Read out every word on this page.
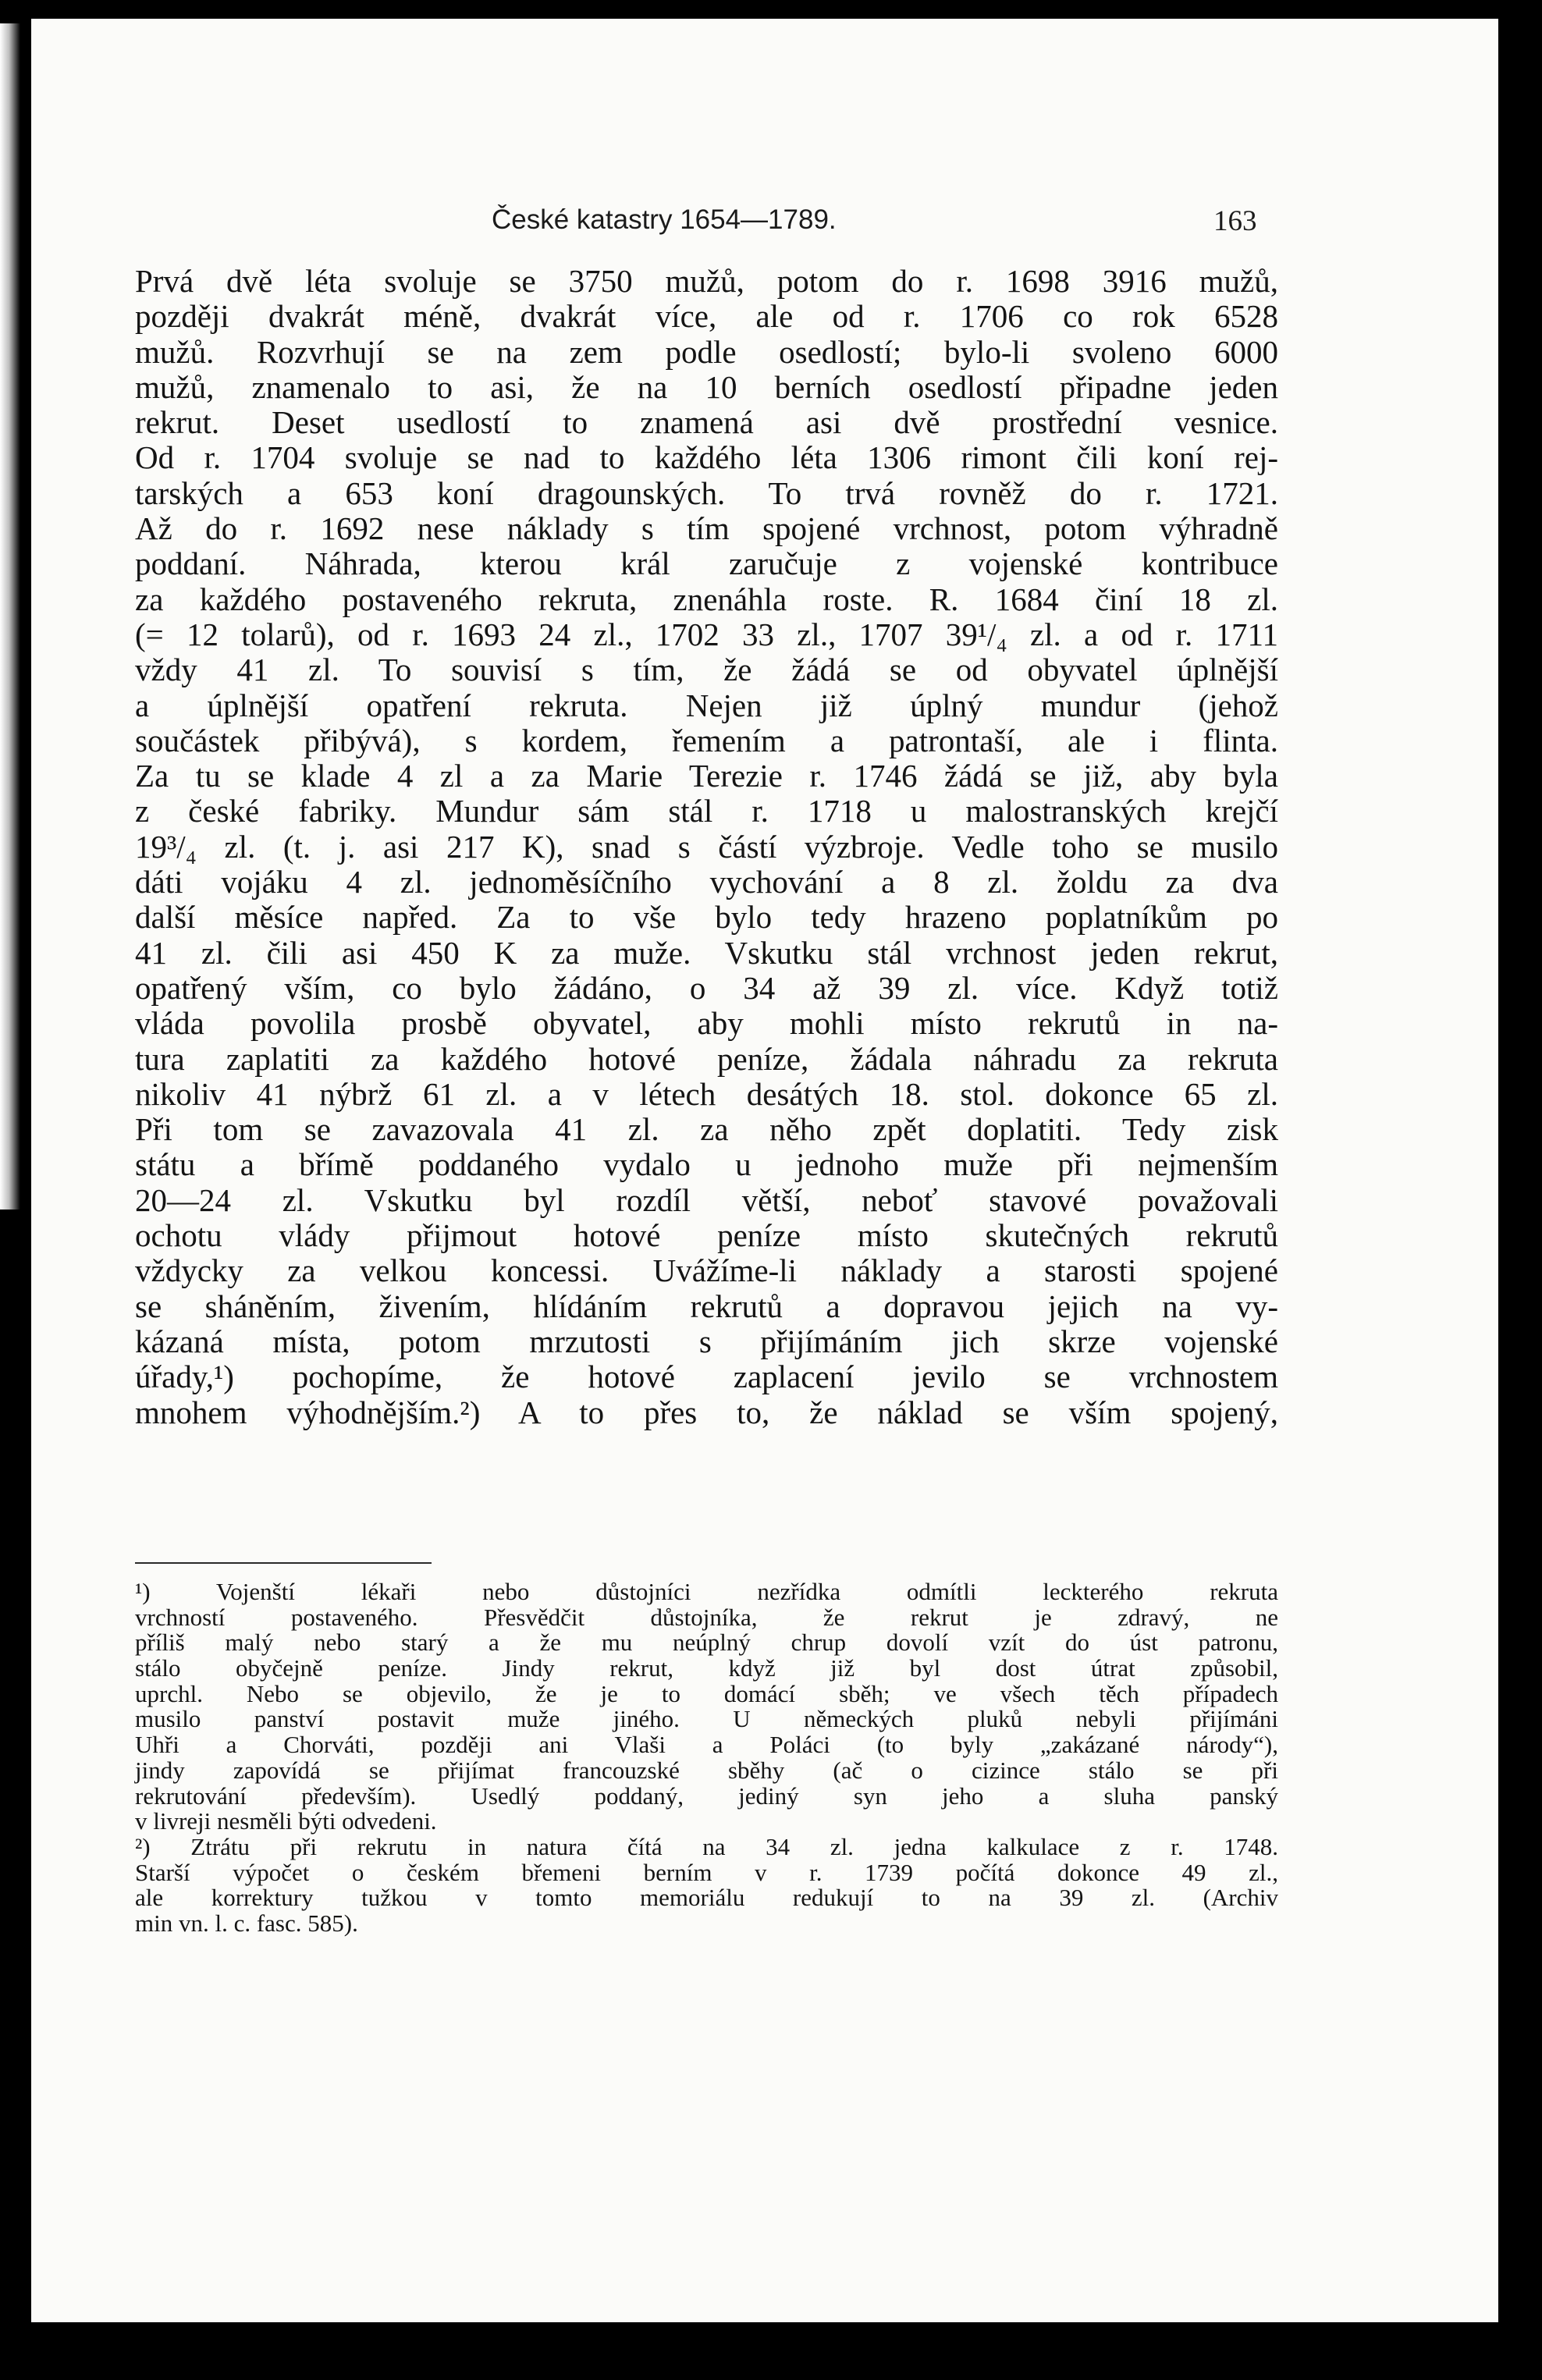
České katastry 1654—1789.	163
Prvá dvě léta svoluje se 3750 mužů, potom do r. 1698 3916 mužů,
později dvakrát méně, dvakrát více, ale od r. 1706 co rok 6528
mužů. Rozvrhují se na zem podle osedlostí; bylo-li svoleno 6000
mužů, znamenalo to asi, že na 10 berních osedlostí připadne jeden
rekrut. Deset usedlostí to znamená asi dvě prostřední vesnice.
Od r. 1704 svoluje se nad to každého léta 1306 rimont čili koní rej-
tarských a 653 koní dragounských. To trvá rovněž do r. 1721.
Až do r. 1692 nese náklady s tím spojené vrchnost, potom výhradně
poddaní. Náhrada, kterou král zaručuje z vojenské kontribuce
za každého postaveného rekruta, znenáhla roste. R. 1684 činí 18 zl.
(= 12 tolarů), od r. 1693 24 zl., 1702 33 zl., 1707 39¹/₄ zl. a od r. 1711
vždy 41 zl. To souvisí s tím, že žádá se od obyvatel úplnější
a úplnější opatření rekruta. Nejen již úplný mundur (jehož
součástek přibývá), s kordem, řemením a patrontaší, ale i flinta.
Za tu se klade 4 zl a za Marie Terezie r. 1746 žádá se již, aby byla
z české fabriky. Mundur sám stál r. 1718 u malostranských krejčí
19³/₄ zl. (t. j. asi 217 K), snad s částí výzbroje. Vedle toho se musilo
dáti vojáku 4 zl. jednoměsíčního vychování a 8 zl. žoldu za dva
další měsíce napřed. Za to vše bylo tedy hrazeno poplatníkům po
41 zl. čili asi 450 K za muže. Vskutku stál vrchnost jeden rekrut,
opatřený vším, co bylo žádáno, o 34 až 39 zl. více. Když totiž
vláda povolila prosbě obyvatel, aby mohli místo rekrutů in na-
tura zaplatiti za každého hotové peníze, žádala náhradu za rekruta
nikoliv 41 nýbrž 61 zl. a v létech desátých 18. stol. dokonce 65 zl.
Při tom se zavazovala 41 zl. za něho zpět doplatiti. Tedy zisk
státu a břímě poddaného vydalo u jednoho muže při nejmenším
20—24 zl. Vskutku byl rozdíl větší, neboť stavové považovali
ochotu vlády přijmout hotové peníze místo skutečných rekrutů
vždycky za velkou koncessi. Uvážíme-li náklady a starosti spojené
se sháněním, živením, hlídáním rekrutů a dopravou jejich na vy-
kázaná místa, potom mrzutosti s přijímáním jich skrze vojenské
úřady,¹) pochopíme, že hotové zaplacení jevilo se vrchnostem
mnohem výhodnějším.²) A to přes to, že náklad se vším spojený,
¹) Vojenští lékaři nebo důstojníci nezřídka odmítli leckterého rekruta
vrchností postaveného. Přesvědčit důstojníka, že rekrut je zdravý, ne
příliš malý nebo starý a že mu neúplný chrup dovolí vzít do úst patronu,
stálo obyčejně peníze. Jindy rekrut, když již byl dost útrat způsobil,
uprchl. Nebo se objevilo, že je to domácí sběh; ve všech těch případech
musilo panství postavit muže jiného. U německých pluků nebyli přijímáni
Uhři a Chorváti, později ani Vlaši a Poláci (to byly „zakázané národy“),
jindy zapovídá se přijímat francouzské sběhy (ač o cizince stálo se při
rekrutování především). Usedlý poddaný, jediný syn jeho a sluha panský
v livreji nesměli býti odvedeni.
²) Ztrátu při rekrutu in natura čítá na 34 zl. jedna kalkulace z r. 1748.
Starší výpočet o českém břemeni berním v r. 1739 počítá dokonce 49 zl.,
ale korrektury tužkou v tomto memoriálu redukují to na 39 zl. (Archiv
min vn. l. c. fasc. 585).
